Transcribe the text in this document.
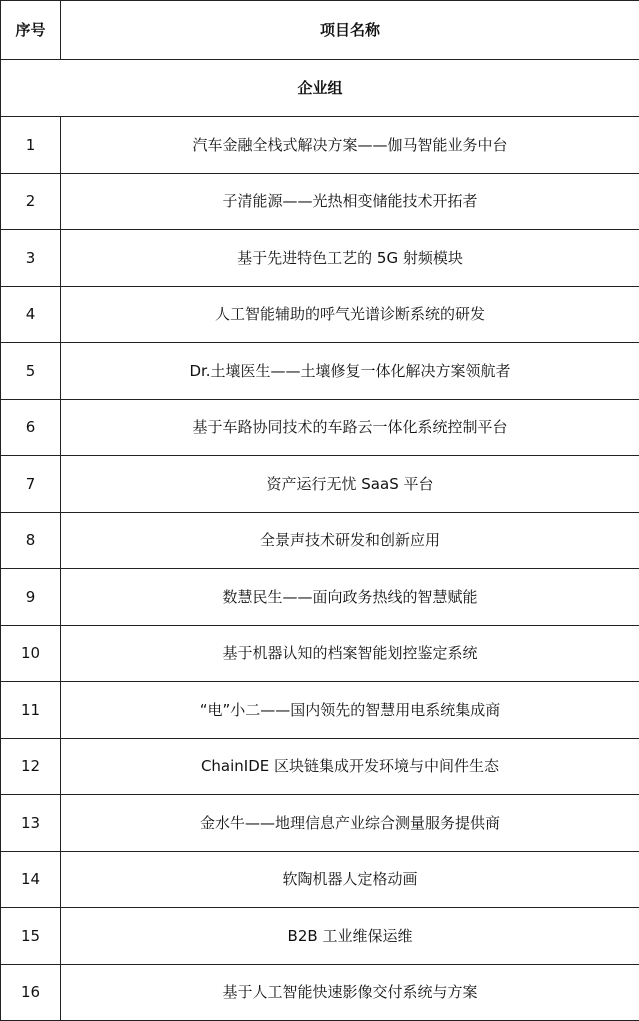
序号	项目名称
企业组	
1	汽车金融全栈式解决方案——伽马智能业务中台
2	子清能源——光热相变储能技术开拓者
3	基于先进特色工艺的 5G 射频模块
4	人工智能辅助的呼气光谱诊断系统的研发
5	Dr.土壤医生——土壤修复一体化解决方案领航者
6	基于车路协同技术的车路云一体化系统控制平台
7	资产运行无忧 SaaS 平台
8	全景声技术研发和创新应用
9	数慧民生——面向政务热线的智慧赋能
10	基于机器认知的档案智能划控鉴定系统
11	“电”小二——国内领先的智慧用电系统集成商
12	ChainIDE 区块链集成开发环境与中间件生态
13	金水牛——地理信息产业综合测量服务提供商
14	软陶机器人定格动画
15	B2B 工业维保运维
16	基于人工智能快速影像交付系统与方案
